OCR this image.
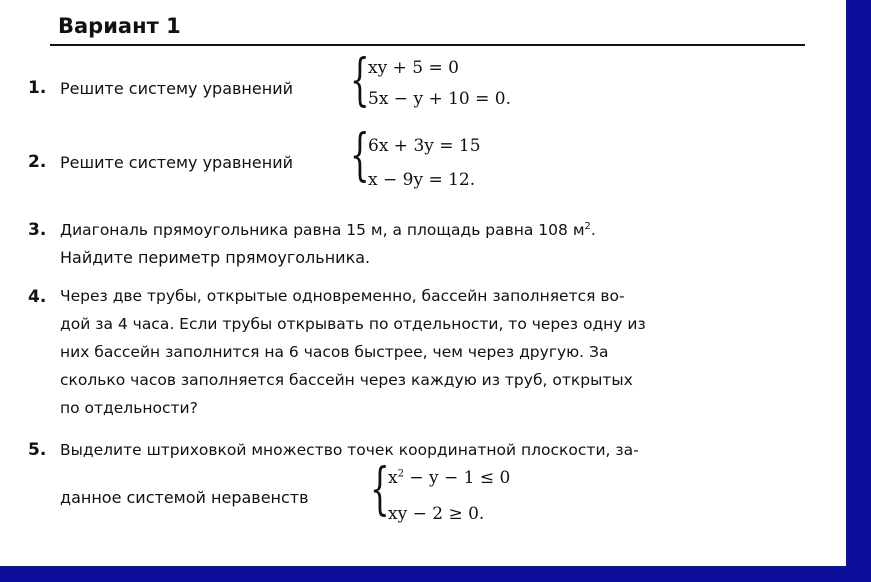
Вариант 1
1. Решите систему уравнений {
xy + 5 = 0
5x − y + 10 = 0.
2. Решите систему уравнений {
6x + 3y = 15
x − 9y = 12.
3. Диагональ прямоугольника равна 15 м, а площадь равна 108 $м^2$.
Найдите периметр прямоугольника.
4. Через две трубы, открытые одновременно, бассейн заполняется во-
дой за 4 часа. Если трубы открывать по отдельности, то через одну из
них бассейн заполнится на 6 часов быстрее, чем через другую. За
сколько часов заполняется бассейн через каждую из труб, открытых
по отдельности?
5. Выделите штриховкой множество точек координатной плоскости, за-
данное системой неравенств {
$x^2 - y - 1 \le 0$
xy − 2 ≥ 0.
